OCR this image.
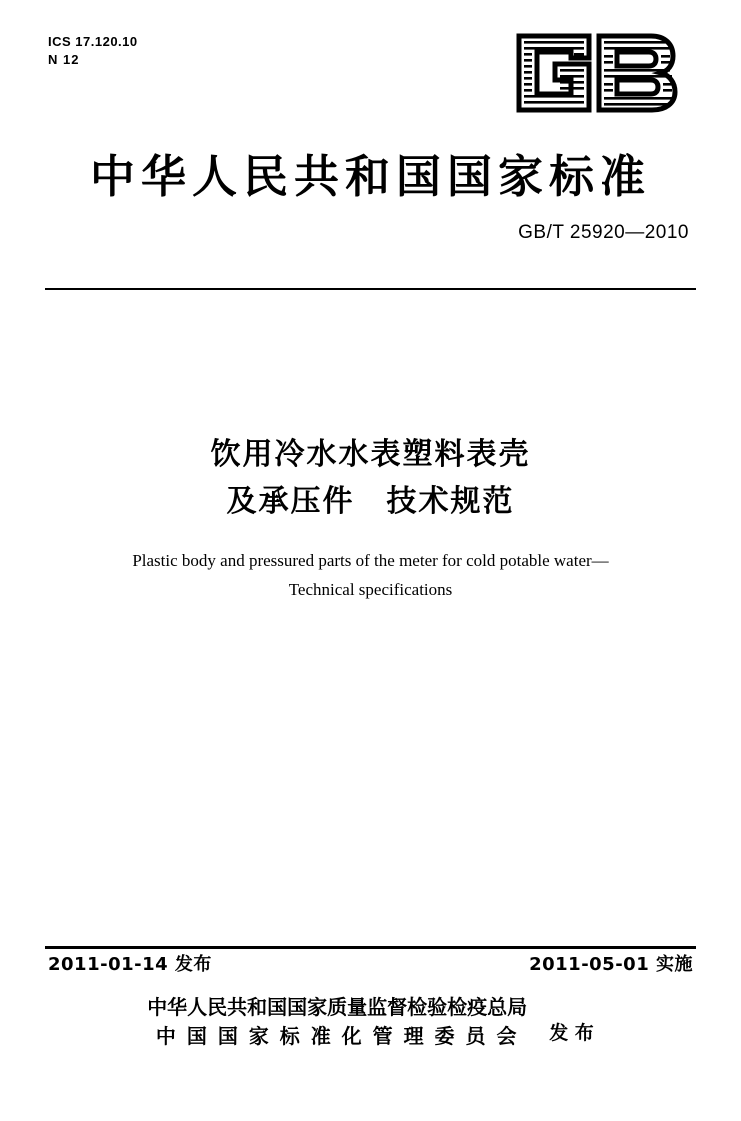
ICS 17.120.10
N 12
中华人民共和国国家标准
GB/T 25920—2010
饮用冷水水表塑料表壳
及承压件　技术规范
Plastic body and pressured parts of the meter for cold potable water—
Technical specifications
2011-01-14 发布	2011-05-01 实施
中华人民共和国国家质量监督检验检疫总局
中 国 国 家 标 准 化 管 理 委 员 会	发 布
